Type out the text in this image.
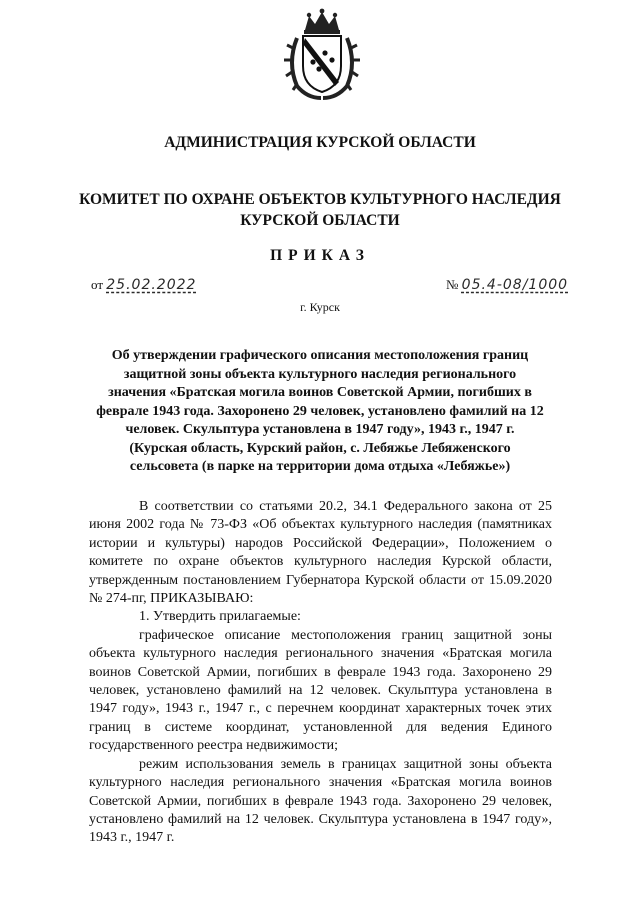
АДМИНИСТРАЦИЯ КУРСКОЙ ОБЛАСТИ
КОМИТЕТ ПО ОХРАНЕ ОБЪЕКТОВ КУЛЬТУРНОГО НАСЛЕДИЯ
КУРСКОЙ ОБЛАСТИ
ПРИКАЗ
от 25.02.2022	№ 05.4-08/1000
г. Курск
Об утверждении графического описания местоположения границ защитной зоны объекта культурного наследия регионального значения «Братская могила воинов Советской Армии, погибших в феврале 1943 года. Захоронено 29 человек, установлено фамилий на 12 человек. Скульптура установлена в 1947 году», 1943 г., 1947 г. (Курская область, Курский район, с. Лебяжье Лебяженского сельсовета (в парке на территории дома отдыха «Лебяжье»)

В соответствии со статьями 20.2, 34.1 Федерального закона от 25 июня 2002 года № 73-ФЗ «Об объектах культурного наследия (памятниках истории и культуры) народов Российской Федерации», Положением о комитете по охране объектов культурного наследия Курской области, утвержденным постановлением Губернатора Курской области от 15.09.2020 № 274-пг, ПРИКАЗЫВАЮ:

1. Утвердить прилагаемые:

графическое описание местоположения границ защитной зоны объекта культурного наследия регионального значения «Братская могила воинов Советской Армии, погибших в феврале 1943 года. Захоронено 29 человек, установлено фамилий на 12 человек. Скульптура установлена в 1947 году», 1943 г., 1947 г., с перечнем координат характерных точек этих границ в системе координат, установленной для ведения Единого государственного реестра недвижимости;

режим использования земель в границах защитной зоны объекта культурного наследия регионального значения «Братская могила воинов Советской Армии, погибших в феврале 1943 года. Захоронено 29 человек, установлено фамилий на 12 человек. Скульптура установлена в 1947 году», 1943 г., 1947 г.
